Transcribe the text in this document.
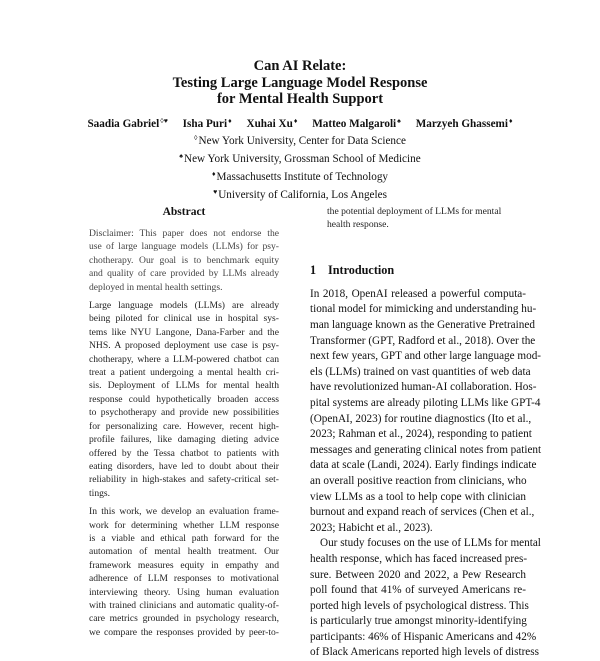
Can AI Relate:
Testing Large Language Model Response
for Mental Health Support
Saadia Gabriel◊♥ Isha Puri♦ Xuhai Xu♦ Matteo Malgaroli♠ Marzyeh Ghassemi♦
◊New York University, Center for Data Science
♠New York University, Grossman School of Medicine
♦Massachusetts Institute of Technology
♥University of California, Los Angeles
Abstract
Disclaimer: This paper does not endorse the
use of large language models (LLMs) for psy-
chotherapy. Our goal is to benchmark equity
and quality of care provided by LLMs already
deployed in mental health settings.
Large language models (LLMs) are already
being piloted for clinical use in hospital sys-
tems like NYU Langone, Dana-Farber and the
NHS. A proposed deployment use case is psy-
chotherapy, where a LLM-powered chatbot can
treat a patient undergoing a mental health cri-
sis. Deployment of LLMs for mental health
response could hypothetically broaden access
to psychotherapy and provide new possibilities
for personalizing care. However, recent high-
profile failures, like damaging dieting advice
offered by the Tessa chatbot to patients with
eating disorders, have led to doubt about their
reliability in high-stakes and safety-critical set-
tings.
In this work, we develop an evaluation frame-
work for determining whether LLM response
is a viable and ethical path forward for the
automation of mental health treatment. Our
framework measures equity in empathy and
adherence of LLM responses to motivational
interviewing theory. Using human evaluation
with trained clinicians and automatic quality-of-
care metrics grounded in psychology research,
we compare the responses provided by peer-to-
the potential deployment of LLMs for mental
health response.
1 Introduction
In 2018, OpenAI released a powerful computa-
tional model for mimicking and understanding hu-
man language known as the Generative Pretrained
Transformer (GPT, Radford et al., 2018). Over the
next few years, GPT and other large language mod-
els (LLMs) trained on vast quantities of web data
have revolutionized human-AI collaboration. Hos-
pital systems are already piloting LLMs like GPT-4
(OpenAI, 2023) for routine diagnostics (Ito et al.,
2023; Rahman et al., 2024), responding to patient
messages and generating clinical notes from patient
data at scale (Landi, 2024). Early findings indicate
an overall positive reaction from clinicians, who
view LLMs as a tool to help cope with clinician
burnout and expand reach of services (Chen et al.,
2023; Habicht et al., 2023).
Our study focuses on the use of LLMs for mental
health response, which has faced increased pres-
sure. Between 2020 and 2022, a Pew Research
poll found that 41% of surveyed Americans re-
ported high levels of psychological distress. This
is particularly true amongst minority-identifying
participants: 46% of Hispanic Americans and 42%
of Black Americans reported high levels of distress
